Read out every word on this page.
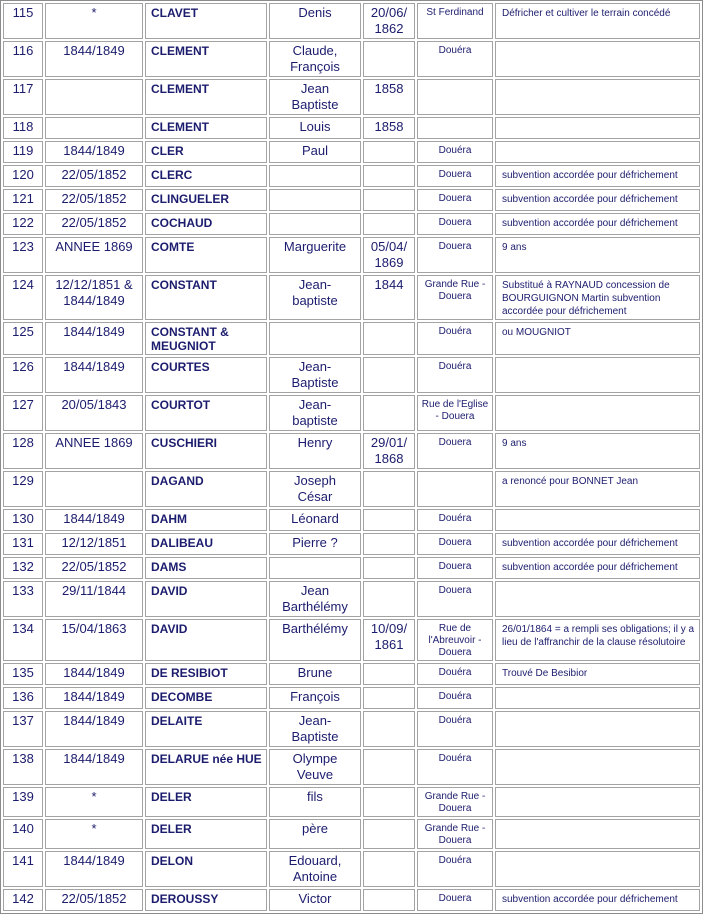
115	*	CLAVET	Denis	20/06/1862	St Ferdinand	Défricher et cultiver le terrain concédé
116	1844/1849	CLEMENT	Claude, François		Douéra	
117		CLEMENT	Jean Baptiste	1858		
118		CLEMENT	Louis	1858		
119	1844/1849	CLER	Paul		Douéra	
120	22/05/1852	CLERC			Douera	subvention accordée pour défrichement
121	22/05/1852	CLINGUELER			Douera	subvention accordée pour défrichement
122	22/05/1852	COCHAUD			Douera	subvention accordée pour défrichement
123	ANNEE 1869	COMTE	Marguerite	05/04/1869	Douera	9 ans
124	12/12/1851 & 1844/1849	CONSTANT	Jean-baptiste	1844	Grande Rue - Douera	Substitué à RAYNAUD concession de BOURGUIGNON Martin subvention accordée pour défrichement
125	1844/1849	CONSTANT & MEUGNIOT			Douéra	ou MOUGNIOT
126	1844/1849	COURTES	Jean-Baptiste		Douéra	
127	20/05/1843	COURTOT	Jean-baptiste		Rue de l'Eglise - Douera	
128	ANNEE 1869	CUSCHIERI	Henry	29/01/1868	Douera	9 ans
129		DAGAND	Joseph César			a renoncé pour BONNET Jean
130	1844/1849	DAHM	Léonard		Douéra	
131	12/12/1851	DALIBEAU	Pierre ?		Douera	subvention accordée pour défrichement
132	22/05/1852	DAMS			Douera	subvention accordée pour défrichement
133	29/11/1844	DAVID	Jean Barthélémy		Douera	
134	15/04/1863	DAVID	Barthélémy	10/09/1861	Rue de l'Abreuvoir - Douera	26/01/1864 = a rempli ses obligations; il y a lieu de l'affranchir de la clause résolutoire
135	1844/1849	DE RESIBIOT	Brune		Douéra	Trouvé De Besibior
136	1844/1849	DECOMBE	François		Douéra	
137	1844/1849	DELAITE	Jean-Baptiste		Douéra	
138	1844/1849	DELARUE née HUE	Olympe Veuve		Douéra	
139	*	DELER	fils		Grande Rue - Douera	
140	*	DELER	père		Grande Rue - Douera	
141	1844/1849	DELON	Edouard, Antoine		Douéra	
142	22/05/1852	DEROUSSY	Victor		Douera	subvention accordée pour défrichement
